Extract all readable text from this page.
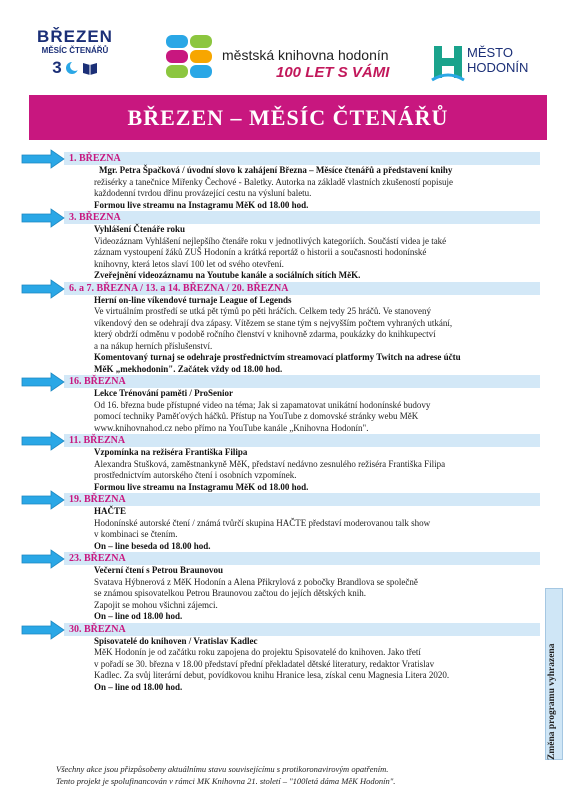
BŘEZEN
MĚSÍC ČTENÁŘŮ
3
městská knihovna hodonín
100 LET S VÁMI
MĚSTO
HODONÍN
BŘEZEN – MĚSÍC ČTENÁŘŮ
1. BŘEZNA
Mgr. Petra Špačková / úvodní slovo k zahájení Března – Měsíce čtenářů a představení knihy
režisérky a tanečnice Miřenky Čechové - Baletky. Autorka na základě vlastních zkušeností popisuje
každodenní tvrdou dřinu provázející cestu na výsluní baletu.
Formou live streamu na Instagramu MěK od 18.00 hod.
3. BŘEZNA
Vyhlášení Čtenáře roku
Videozáznam Vyhlášení nejlepšího čtenáře roku v jednotlivých kategoriích. Součástí videa je také
záznam vystoupení žáků ZUŠ Hodonín a krátká reportáž o historii a současnosti hodonínské
knihovny, která letos slaví 100 let od svého otevření.
Zveřejnění videozáznamu na Youtube kanále a sociálních sítích MěK.
6. a 7. BŘEZNA / 13. a 14. BŘEZNA / 20. BŘEZNA
Herní on-line víkendové turnaje League of Legends
Ve virtuálním prostředí se utká pět týmů po pěti hráčích. Celkem tedy 25 hráčů. Ve stanovený
víkendový den se odehrají dva zápasy. Vítězem se stane tým s nejvyšším počtem vyhraných utkání,
který obdrží odměnu v podobě ročního členství v knihovně zdarma, poukázky do knihkupectví
a na nákup herních příslušenství.
Komentovaný turnaj se odehraje prostřednictvím streamovací platformy Twitch na adrese účtu
MěK „mekhodonin". Začátek vždy od 18.00 hod.
16. BŘEZNA
Lekce Trénování paměti / ProSenior
Od 16. března bude přístupné video na téma; Jak si zapamatovat unikátní hodonínské budovy
pomocí techniky Paměťových háčků. Přístup na YouTube z domovské stránky webu MěK
www.knihovnahod.cz nebo přímo na YouTube kanále „Knihovna Hodonín".
11. BŘEZNA
Vzpomínka na režiséra Františka Filipa
Alexandra Stušková, zaměstnankyně MěK, představí nedávno zesnulého režiséra Františka Filipa
prostřednictvím autorského čtení i osobních vzpomínek.
Formou live streamu na Instagramu MěK od 18.00 hod.
19. BŘEZNA
HAČTE
Hodonínské autorské čtení / známá tvůrčí skupina HAČTE představí moderovanou talk show
v kombinaci se čtením.
On – line beseda od 18.00 hod.
23. BŘEZNA
Večerní čtení s Petrou Braunovou
Svatava Hýbnerová z MěK Hodonín a Alena Přikrylová z pobočky Brandlova se společně
se známou spisovatelkou Petrou Braunovou začtou do jejích dětských knih.
Zapojit se mohou všichni zájemci.
On – line od 18.00 hod.
30. BŘEZNA
Spisovatelé do knihoven / Vratislav Kadlec
MěK Hodonín je od začátku roku zapojena do projektu Spisovatelé do knihoven. Jako třetí
v pořadí se 30. března v 18.00 představí přední překladatel dětské literatury, redaktor Vratislav
Kadlec. Za svůj literární debut, povídkovou knihu Hranice lesa, získal cenu Magnesia Litera 2020.
On – line od 18.00 hod.	Změna programu vyhrazena
Všechny akce jsou přizpůsobeny aktuálnímu stavu souvisejícímu s protikoronavirovým opatřením.
Tento projekt je spolufinancován v rámci MK Knihovna 21. století – "100letá dáma MěK Hodonín".
